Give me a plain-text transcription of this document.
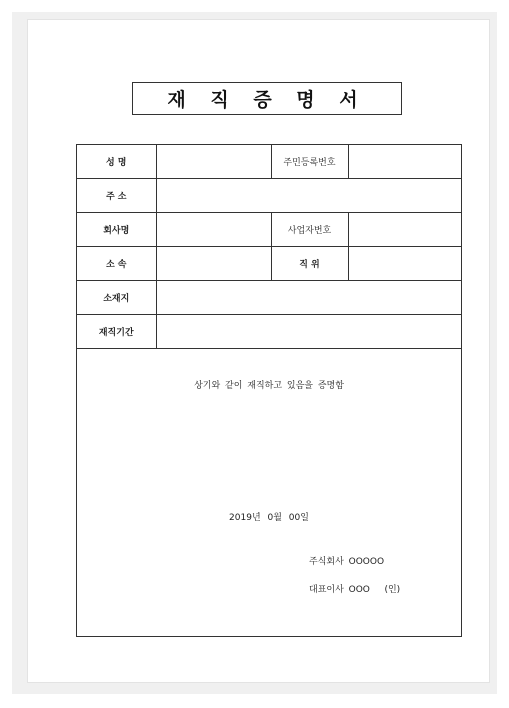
재 직 증 명 서
성 명		주민등록번호	
주 소			
회사명		사업자번호	
소 속		직 위	
소재지			
재직기간			
상기와 같이 재직하고 있음을 증명함
2019년 0월 00일
주식회사 OOOOO
대표이사 OOO   (인)
